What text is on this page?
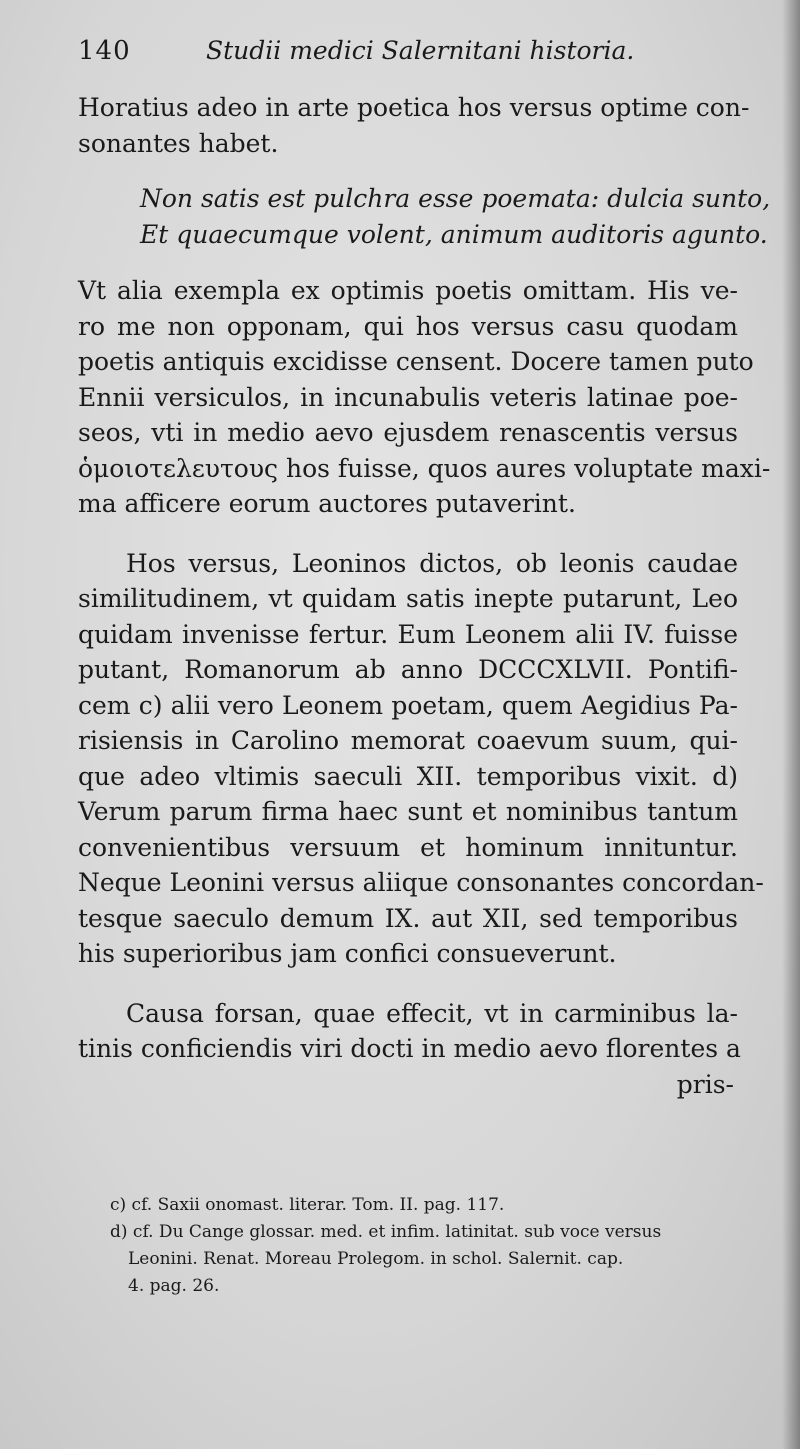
140	Studii medici Salernitani historia.
Horatius adeo in arte poetica hos versus optime con-
sonantes habet.
Non satis est pulchra esse poemata: dulcia sunto,
Et quaecumque volent, animum auditoris agunto.
Vt alia exempla ex optimis poetis omittam. His ve-
ro me non opponam, qui hos versus casu quodam
poetis antiquis excidisse censent. Docere tamen puto
Ennii versiculos, in incunabulis veteris latinae poe-
seos, vti in medio aevo ejusdem renascentis versus
ὁμοιοτελευτους hos fuisse, quos aures voluptate maxi-
ma afficere eorum auctores putaverint.
Hos versus, Leoninos dictos, ob leonis caudae
similitudinem, vt quidam satis inepte putarunt, Leo
quidam invenisse fertur. Eum Leonem alii IV. fuisse
putant, Romanorum ab anno DCCCXLVII. Pontifi-
cem c) alii vero Leonem poetam, quem Aegidius Pa-
risiensis in Carolino memorat coaevum suum, qui-
que adeo vltimis saeculi XII. temporibus vixit. d)
Verum parum firma haec sunt et nominibus tantum
convenientibus versuum et hominum innituntur.
Neque Leonini versus aliique consonantes concordan-
tesque saeculo demum IX. aut XII, sed temporibus
his superioribus jam confici consueverunt.
Causa forsan, quae effecit, vt in carminibus la-
tinis conficiendis viri docti in medio aevo florentes a
pris-
c) cf. Saxii onomast. literar. Tom. II. pag. 117.
d) cf. Du Cange glossar. med. et infim. latinitat. sub voce versus
Leonini. Renat. Moreau Prolegom. in schol. Salernit. cap.
4. pag. 26.
